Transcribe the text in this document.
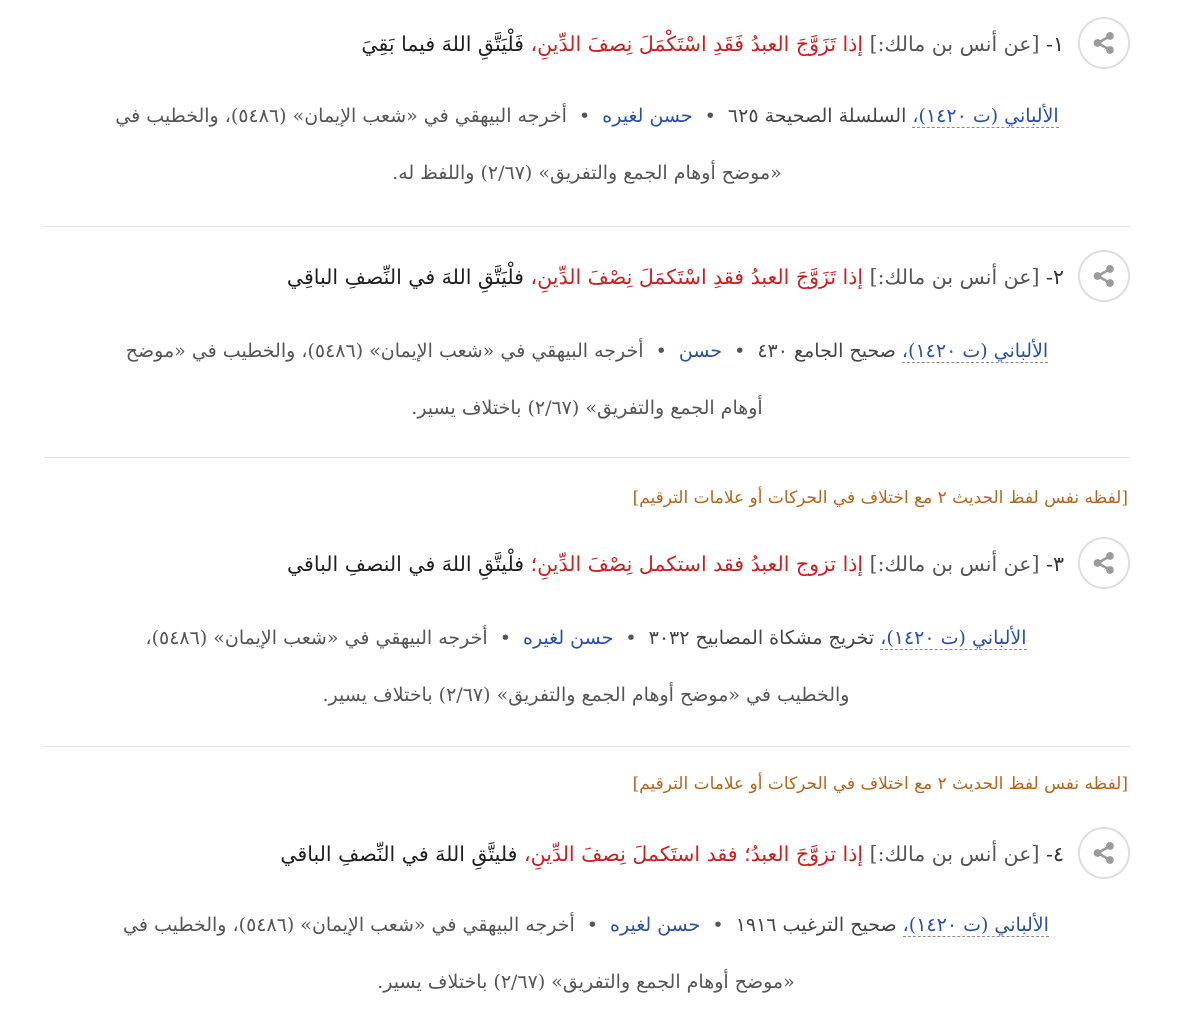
١- [عن أنس بن مالك:] إذا تَزَوَّجَ العبدُ فَقَدِ اسْتَكْمَلَ نِصفَ الدِّينِ، فَلْيَتَّقِ اللهَ فيما بَقِيَ
الألباني (ت ١٤٢٠)، السلسلة الصحيحة ٦٢٥ • حسن لغيره • أخرجه البيهقي في «شعب الإيمان» (٥٤٨٦)، والخطيب في
«موضح أوهام الجمع والتفريق» (٢/٦٧) واللفظ له.
٢- [عن أنس بن مالك:] إذا تَزَوَّجَ العبدُ فقدِ اسْتَكمَلَ نِصْفَ الدِّينِ، فلْيَتَّقِ اللهَ في النِّصفِ الباقِي
الألباني (ت ١٤٢٠)، صحيح الجامع ٤٣٠ • حسن • أخرجه البيهقي في «شعب الإيمان» (٥٤٨٦)، والخطيب في «موضح
أوهام الجمع والتفريق» (٢/٦٧) باختلاف يسير.
[لفظه نفس لفظ الحديث ٢ مع اختلاف في الحركات أو علامات الترقيم]
٣- [عن أنس بن مالك:] إذا تزوج العبدُ فقد استكمل نِصْفَ الدِّينِ؛ فلْيتَّقِ اللهَ في النصفِ الباقي
الألباني (ت ١٤٢٠)، تخريج مشكاة المصابيح ٣٠٣٢ • حسن لغيره • أخرجه البيهقي في «شعب الإيمان» (٥٤٨٦)،
والخطيب في «موضح أوهام الجمع والتفريق» (٢/٦٧) باختلاف يسير.
[لفظه نفس لفظ الحديث ٢ مع اختلاف في الحركات أو علامات الترقيم]
٤- [عن أنس بن مالك:] إذا تزوَّجَ العبدُ؛ فقد استَكملَ نِصفَ الدِّينِ، فليتَّقِ اللهَ في النِّصفِ الباقي
الألباني (ت ١٤٢٠)، صحيح الترغيب ١٩١٦ • حسن لغيره • أخرجه البيهقي في «شعب الإيمان» (٥٤٨٦)، والخطيب في
«موضح أوهام الجمع والتفريق» (٢/٦٧) باختلاف يسير.
